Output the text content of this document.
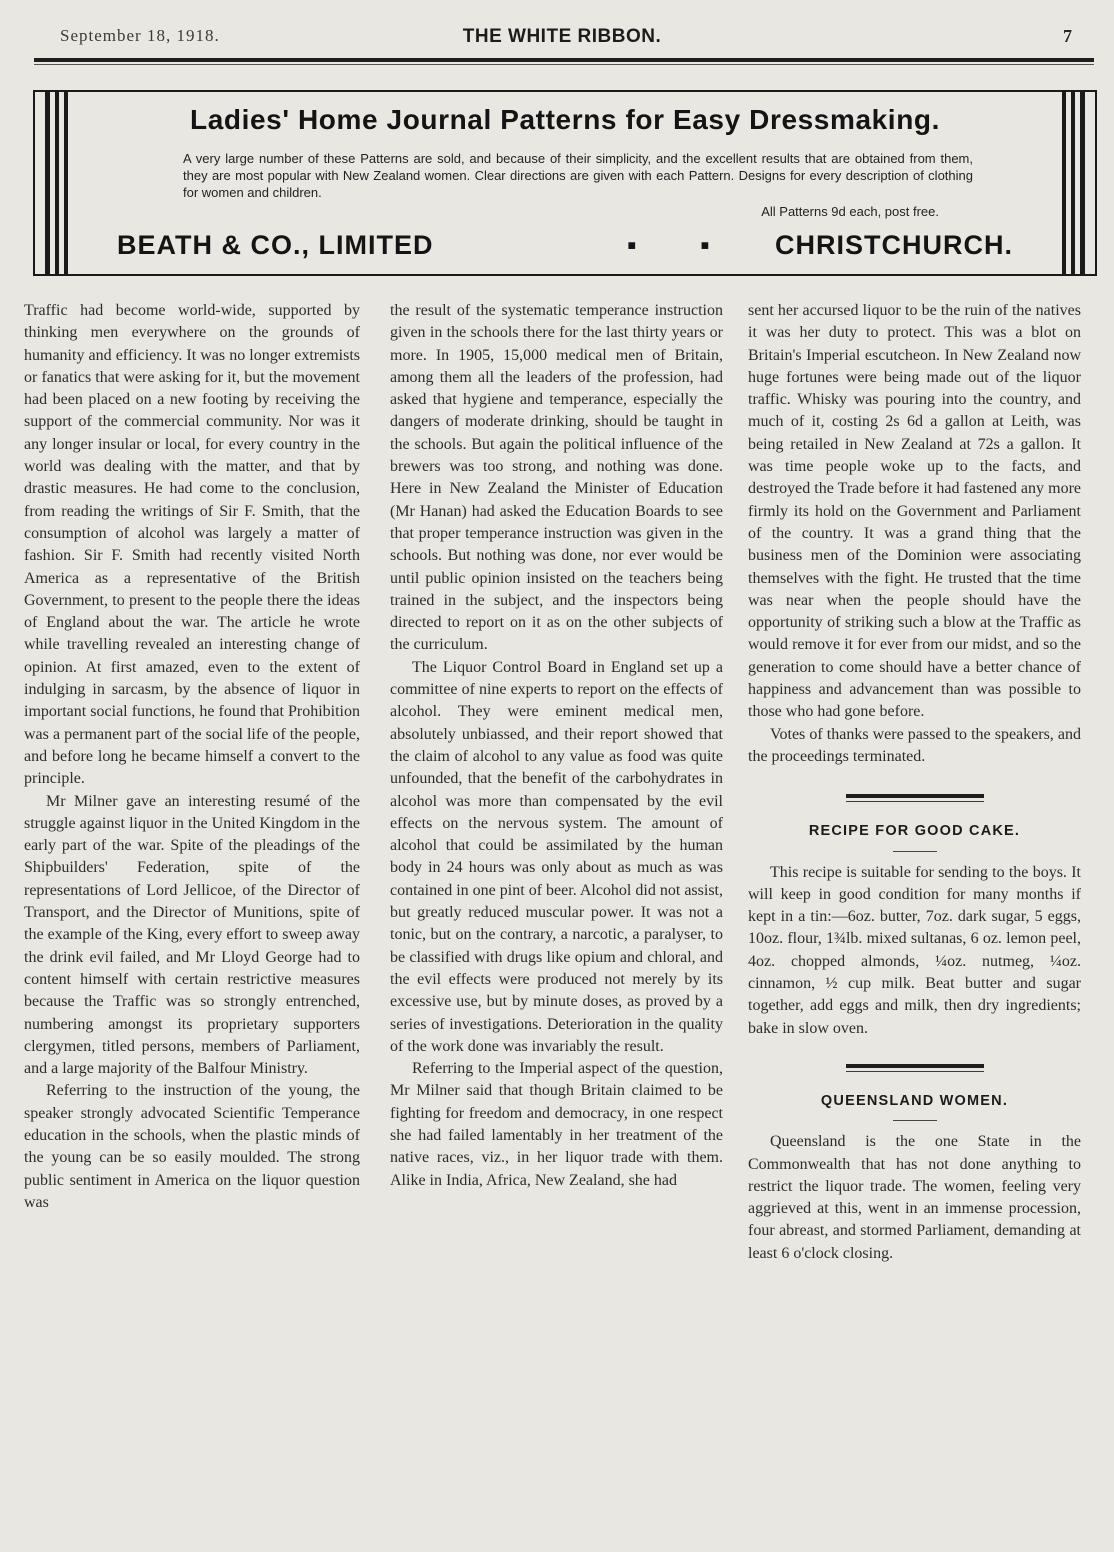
September 18, 1918.	THE WHITE RIBBON.	7
Ladies' Home Journal Patterns for Easy Dressmaking.
A very large number of these Patterns are sold, and because of their simplicity, and the excellent results that are obtained from them, they are most popular with New Zealand women. Clear directions are given with each Pattern. Designs for every description of clothing for women and children.
All Patterns 9d each, post free.
BEATH & CO., LIMITED	▪ ▪ CHRISTCHURCH.

Traffic had become world-wide, supported by thinking men everywhere on the grounds of humanity and efficiency. It was no longer extremists or fanatics that were asking for it, but the movement had been placed on a new footing by receiving the support of the commercial community. Nor was it any longer insular or local, for every country in the world was dealing with the matter, and that by drastic measures. He had come to the conclusion, from reading the writings of Sir F. Smith, that the consumption of alcohol was largely a matter of fashion. Sir F. Smith had recently visited North America as a representative of the British Government, to present to the people there the ideas of England about the war. The article he wrote while travelling revealed an interesting change of opinion. At first amazed, even to the extent of indulging in sarcasm, by the absence of liquor in important social functions, he found that Prohibition was a permanent part of the social life of the people, and before long he became himself a convert to the principle.

Mr Milner gave an interesting resumé of the struggle against liquor in the United Kingdom in the early part of the war. Spite of the pleadings of the Shipbuilders' Federation, spite of the representations of Lord Jellicoe, of the Director of Transport, and the Director of Munitions, spite of the example of the King, every effort to sweep away the drink evil failed, and Mr Lloyd George had to content himself with certain restrictive measures because the Traffic was so strongly entrenched, numbering amongst its proprietary supporters clergymen, titled persons, members of Parliament, and a large majority of the Balfour Ministry.

Referring to the instruction of the young, the speaker strongly advocated Scientific Temperance education in the schools, when the plastic minds of the young can be so easily moulded. The strong public sentiment in America on the liquor question was

the result of the systematic temperance instruction given in the schools there for the last thirty years or more. In 1905, 15,000 medical men of Britain, among them all the leaders of the profession, had asked that hygiene and temperance, especially the dangers of moderate drinking, should be taught in the schools. But again the political influence of the brewers was too strong, and nothing was done. Here in New Zealand the Minister of Education (Mr Hanan) had asked the Education Boards to see that proper temperance instruction was given in the schools. But nothing was done, nor ever would be until public opinion insisted on the teachers being trained in the subject, and the inspectors being directed to report on it as on the other subjects of the curriculum.

The Liquor Control Board in England set up a committee of nine experts to report on the effects of alcohol. They were eminent medical men, absolutely unbiassed, and their report showed that the claim of alcohol to any value as food was quite unfounded, that the benefit of the carbohydrates in alcohol was more than compensated by the evil effects on the nervous system. The amount of alcohol that could be assimilated by the human body in 24 hours was only about as much as was contained in one pint of beer. Alcohol did not assist, but greatly reduced muscular power. It was not a tonic, but on the contrary, a narcotic, a paralyser, to be classified with drugs like opium and chloral, and the evil effects were produced not merely by its excessive use, but by minute doses, as proved by a series of investigations. Deterioration in the quality of the work done was invariably the result.

Referring to the Imperial aspect of the question, Mr Milner said that though Britain claimed to be fighting for freedom and democracy, in one respect she had failed lamentably in her treatment of the native races, viz., in her liquor trade with them. Alike in India, Africa, New Zealand, she had

sent her accursed liquor to be the ruin of the natives it was her duty to protect. This was a blot on Britain's Imperial escutcheon. In New Zealand now huge fortunes were being made out of the liquor traffic. Whisky was pouring into the country, and much of it, costing 2s 6d a gallon at Leith, was being retailed in New Zealand at 72s a gallon. It was time people woke up to the facts, and destroyed the Trade before it had fastened any more firmly its hold on the Government and Parliament of the country. It was a grand thing that the business men of the Dominion were associating themselves with the fight. He trusted that the time was near when the people should have the opportunity of striking such a blow at the Traffic as would remove it for ever from our midst, and so the generation to come should have a better chance of happiness and advancement than was possible to those who had gone before.

Votes of thanks were passed to the speakers, and the proceedings terminated.

RECIPE FOR GOOD CAKE.

This recipe is suitable for sending to the boys. It will keep in good condition for many months if kept in a tin:—6oz. butter, 7oz. dark sugar, 5 eggs, 10oz. flour, 1¾lb. mixed sultanas, 6 oz. lemon peel, 4oz. chopped almonds, ¼oz. nutmeg, ¼oz. cinnamon, ½ cup milk. Beat butter and sugar together, add eggs and milk, then dry ingredients; bake in slow oven.

QUEENSLAND WOMEN.

Queensland is the one State in the Commonwealth that has not done anything to restrict the liquor trade. The women, feeling very aggrieved at this, went in an immense procession, four abreast, and stormed Parliament, demanding at least 6 o'clock closing.
